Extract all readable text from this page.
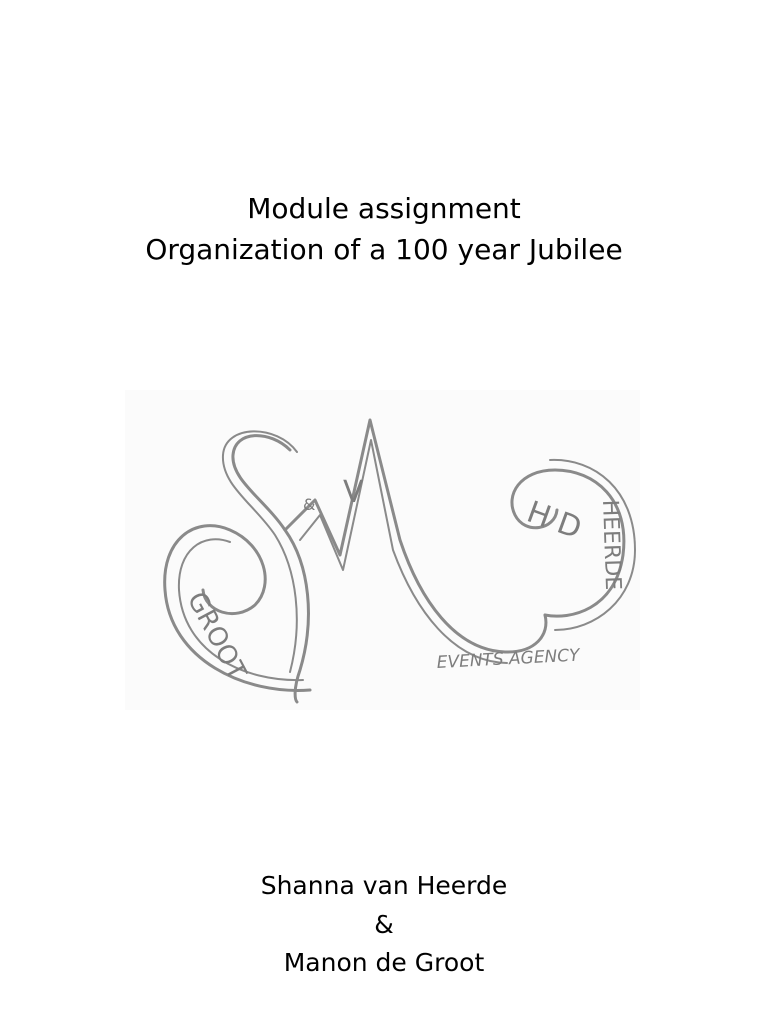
Module assignment
Organization of a 100 year Jubilee
GROOT
& V
H D HEERDE
EVENTS AGENCY
Shanna van Heerde
&
Manon de Groot
